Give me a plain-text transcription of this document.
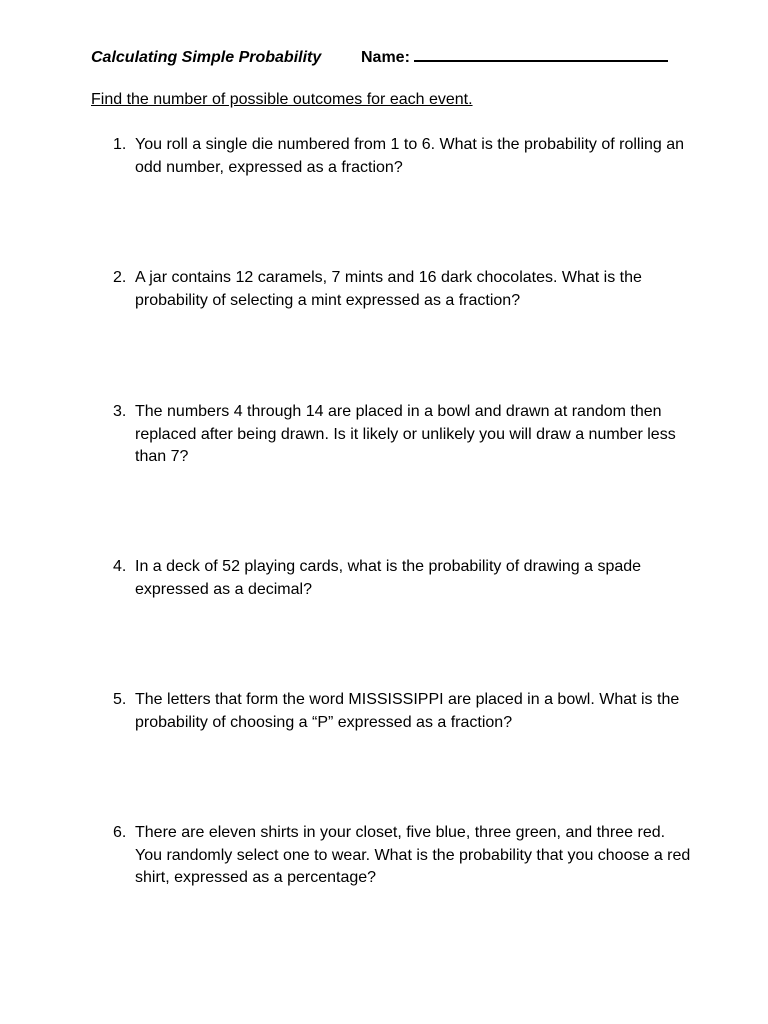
Calculating Simple Probability Name:
Find the number of possible outcomes for each event.
1. You roll a single die numbered from 1 to 6. What is the probability of rolling an odd number, expressed as a fraction?
2. A jar contains 12 caramels, 7 mints and 16 dark chocolates. What is the probability of selecting a mint expressed as a fraction?
3. The numbers 4 through 14 are placed in a bowl and drawn at random then replaced after being drawn. Is it likely or unlikely you will draw a number less than 7?
4. In a deck of 52 playing cards, what is the probability of drawing a spade expressed as a decimal?
5. The letters that form the word MISSISSIPPI are placed in a bowl. What is the probability of choosing a “P” expressed as a fraction?
6. There are eleven shirts in your closet, five blue, three green, and three red. You randomly select one to wear. What is the probability that you choose a red shirt, expressed as a percentage?
